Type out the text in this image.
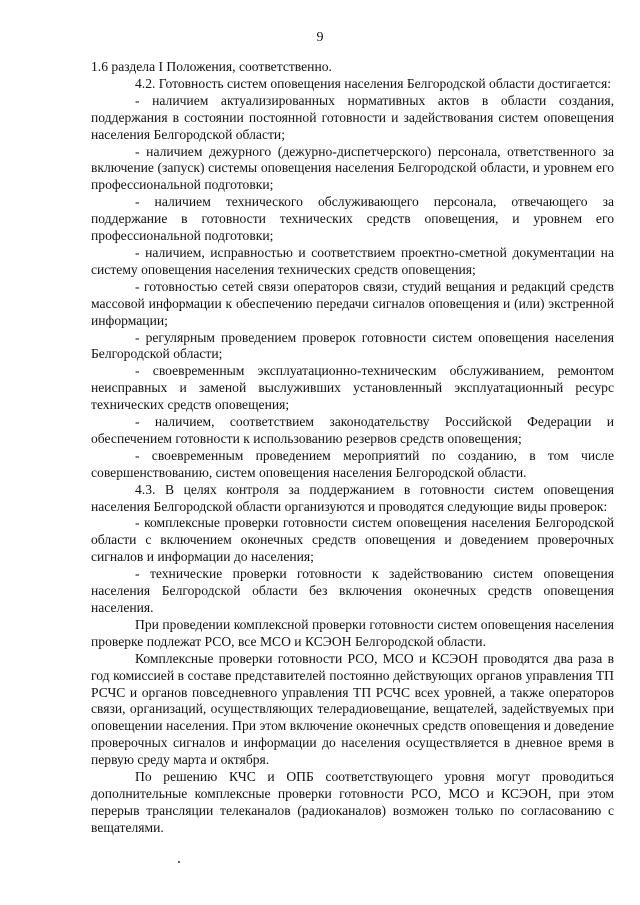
9

1.6 раздела I Положения, соответственно.

4.2. Готовность систем оповещения населения Белгородской области достигается:

- наличием актуализированных нормативных актов в области создания, поддержания в состоянии постоянной готовности и задействования систем оповещения населения Белгородской области;

- наличием дежурного (дежурно-диспетчерского) персонала, ответственного за включение (запуск) системы оповещения населения Белгородской области, и уровнем его профессиональной подготовки;

- наличием технического обслуживающего персонала, отвечающего за поддержание в готовности технических средств оповещения, и уровнем его профессиональной подготовки;

- наличием, исправностью и соответствием проектно-сметной документации на систему оповещения населения технических средств оповещения;

- готовностью сетей связи операторов связи, студий вещания и редакций средств массовой информации к обеспечению передачи сигналов оповещения и (или) экстренной информации;

- регулярным проведением проверок готовности систем оповещения населения Белгородской области;

- своевременным эксплуатационно-техническим обслуживанием, ремонтом неисправных и заменой выслуживших установленный эксплуатационный ресурс технических средств оповещения;

- наличием, соответствием законодательству Российской Федерации и обеспечением готовности к использованию резервов средств оповещения;

- своевременным проведением мероприятий по созданию, в том числе совершенствованию, систем оповещения населения Белгородской области.

4.3. В целях контроля за поддержанием в готовности систем оповещения населения Белгородской области организуются и проводятся следующие виды проверок:

- комплексные проверки готовности систем оповещения населения Белгородской области с включением оконечных средств оповещения и доведением проверочных сигналов и информации до населения;

- технические проверки готовности к задействованию систем оповещения населения Белгородской области без включения оконечных средств оповещения населения.

При проведении комплексной проверки готовности систем оповещения населения проверке подлежат РСО, все МСО и КСЭОН Белгородской области.

Комплексные проверки готовности РСО, МСО и КСЭОН проводятся два раза в год комиссией в составе представителей постоянно действующих органов управления ТП РСЧС и органов повседневного управления ТП РСЧС всех уровней, а также операторов связи, организаций, осуществляющих телерадиовещание, вещателей, задействуемых при оповещении населения. При этом включение оконечных средств оповещения и доведение проверочных сигналов и информации до населения осуществляется в дневное время в первую среду марта и октября.

По решению КЧС и ОПБ соответствующего уровня могут проводиться дополнительные комплексные проверки готовности РСО, МСО и КСЭОН, при этом перерыв трансляции телеканалов (радиоканалов) возможен только по согласованию с вещателями.
